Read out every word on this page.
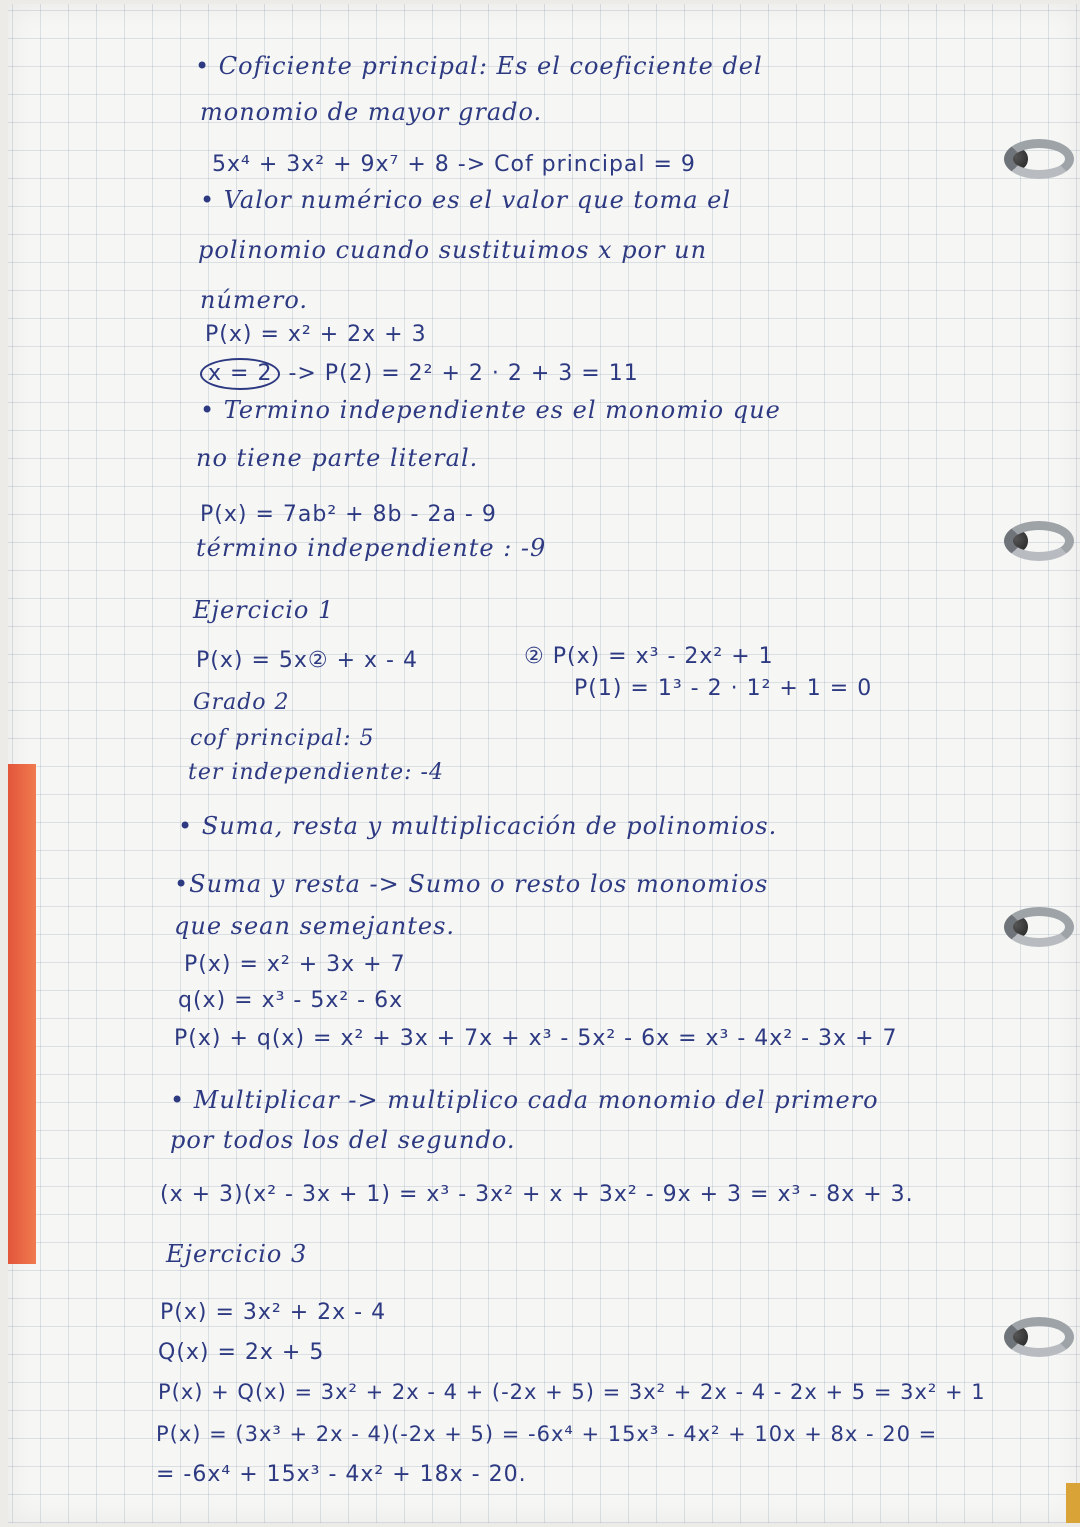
• Coficiente principal: Es el coeficiente del
monomio de mayor grado.
5x⁴ + 3x² + 9x⁷ + 8 -> Cof principal = 9
• Valor numérico es el valor que toma el
polinomio cuando sustituimos x por un
número.
P(x) = x² + 2x + 3
x = 2 -> P(2) = 2² + 2 · 2 + 3 = 11
• Termino independiente es el monomio que
no tiene parte literal.
P(x) = 7ab² + 8b - 2a - 9
término independiente : -9
Ejercicio 1
P(x) = 5x② + x - 4
Grado 2
cof principal: 5
ter independiente: -4
② P(x) = x³ - 2x² + 1
P(1) = 1³ - 2 · 1² + 1 = 0
• Suma, resta y multiplicación de polinomios.
•Suma y resta -> Sumo o resto los monomios
que sean semejantes.
P(x) = x² + 3x + 7
q(x) = x³ - 5x² - 6x
P(x) + q(x) = x² + 3x + 7x + x³ - 5x² - 6x = x³ - 4x² - 3x + 7
• Multiplicar -> multiplico cada monomio del primero
por todos los del segundo.
(x + 3)(x² - 3x + 1) = x³ - 3x² + x + 3x² - 9x + 3 = x³ - 8x + 3.
Ejercicio 3
P(x) = 3x² + 2x - 4
Q(x) = 2x + 5
P(x) + Q(x) = 3x² + 2x - 4 + (-2x + 5) = 3x² + 2x - 4 - 2x + 5 = 3x² + 1
P(x) = (3x³ + 2x - 4)(-2x + 5) = -6x⁴ + 15x³ - 4x² + 10x + 8x - 20 =
= -6x⁴ + 15x³ - 4x² + 18x - 20.
